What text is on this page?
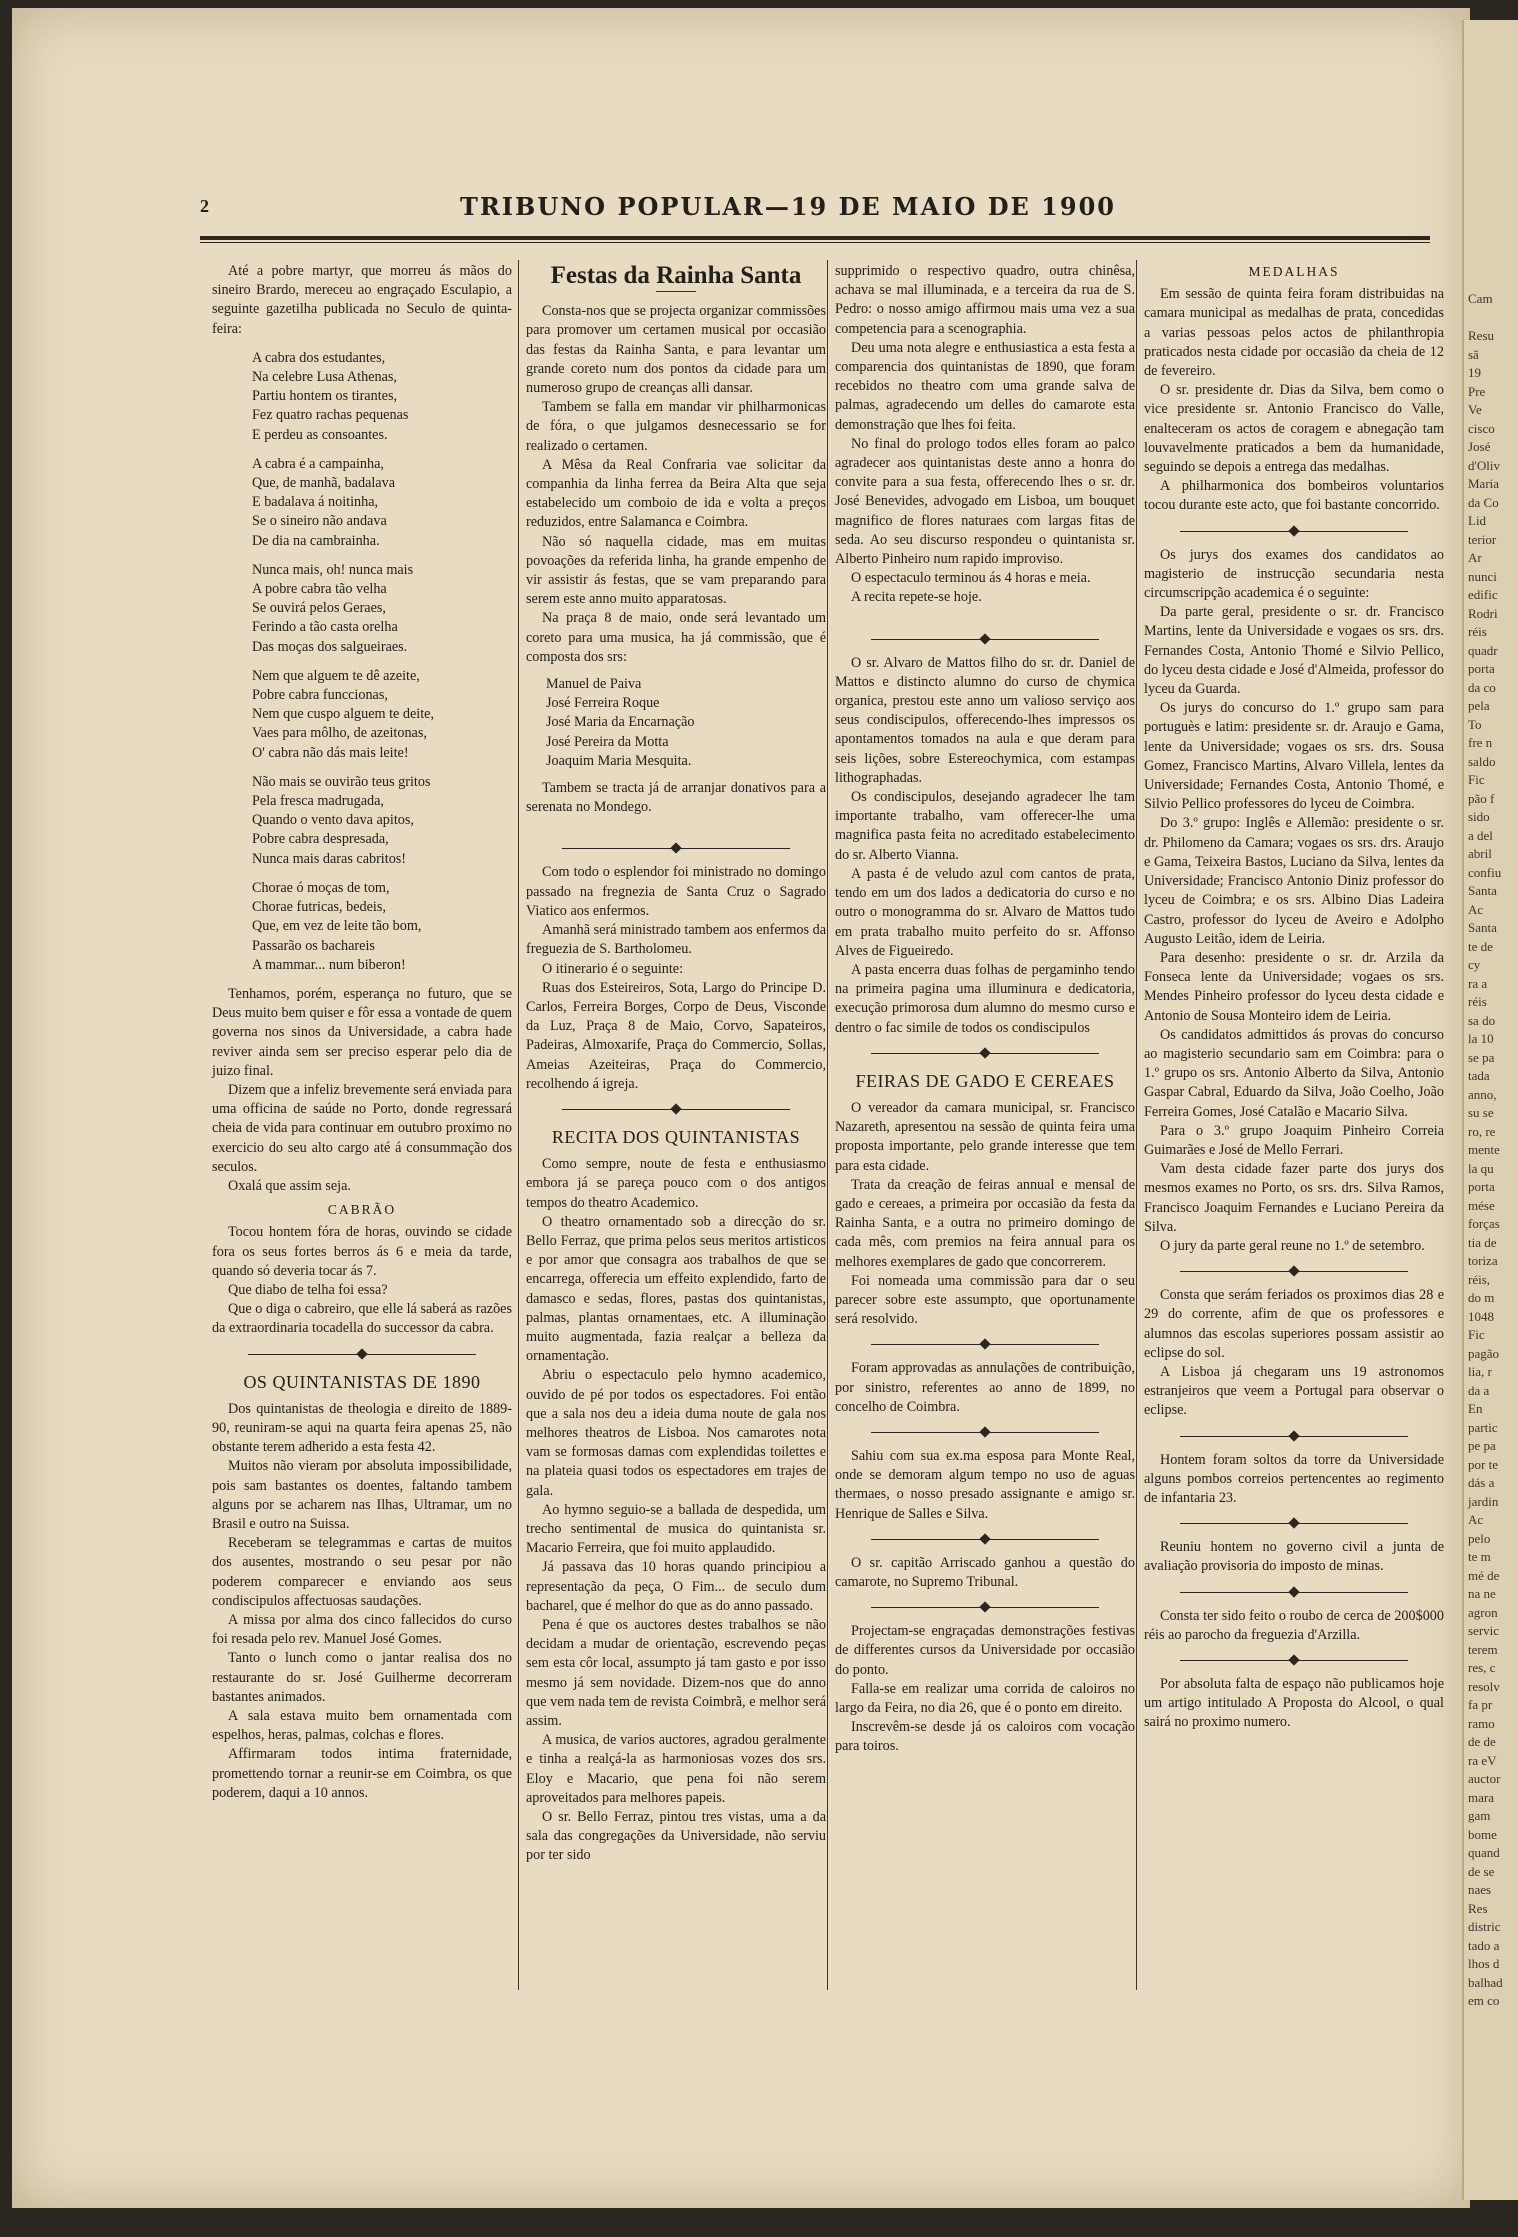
2	TRIBUNO POPULAR—19 DE MAIO DE 1900

Até a pobre martyr, que morreu ás mãos do sineiro Brardo, mereceu ao engraçado Esculapio, a seguinte gazetilha publicada no Seculo de quinta-feira:

A cabra dos estudantes,
Na celebre Lusa Athenas,
Partiu hontem os tirantes,
Fez quatro rachas pequenas
E perdeu as consoantes.
A cabra é a campainha,
Que, de manhã, badalava
E badalava á noitinha,
Se o sineiro não andava
De dia na cambrainha.
Nunca mais, oh! nunca mais
A pobre cabra tão velha
Se ouvirá pelos Geraes,
Ferindo a tão casta orelha
Das moças dos salgueiraes.
Nem que alguem te dê azeite,
Pobre cabra funccionas,
Nem que cuspo alguem te deite,
Vaes para môlho, de azeitonas,
O' cabra não dás mais leite!
Não mais se ouvirão teus gritos
Pela fresca madrugada,
Quando o vento dava apitos,
Pobre cabra despresada,
Nunca mais daras cabritos!
Chorae ó moças de tom,
Chorae futricas, bedeis,
Que, em vez de leite tão bom,
Passarão os bachareis
A mammar... num biberon!

Tenhamos, porém, esperança no futuro, que se Deus muito bem quiser e fôr essa a vontade de quem governa nos sinos da Universidade, a cabra hade reviver ainda sem ser preciso esperar pelo dia de juizo final.

Dizem que a infeliz brevemente será enviada para uma officina de saúde no Porto, donde regressará cheia de vida para continuar em outubro proximo no exercicio do seu alto cargo até á consummação dos seculos.

Oxalá que assim seja.

CABRÃO

Tocou hontem fóra de horas, ouvindo se cidade fora os seus fortes berros ás 6 e meia da tarde, quando só deveria tocar ás 7.

Que diabo de telha foi essa?

Que o diga o cabreiro, que elle lá saberá as razões da extraordinaria tocadella do successor da cabra.

OS QUINTANISTAS DE 1890

Dos quintanistas de theologia e direito de 1889-90, reuniram-se aqui na quarta feira apenas 25, não obstante terem adherido a esta festa 42.

Muitos não vieram por absoluta impossibilidade, pois sam bastantes os doentes, faltando tambem alguns por se acharem nas Ilhas, Ultramar, um no Brasil e outro na Suissa.

Receberam se telegrammas e cartas de muitos dos ausentes, mostrando o seu pesar por não poderem comparecer e enviando aos seus condiscipulos affectuosas saudações.

A missa por alma dos cinco fallecidos do curso foi resada pelo rev. Manuel José Gomes.

Tanto o lunch como o jantar realisa dos no restaurante do sr. José Guilherme decorreram bastantes animados.

A sala estava muito bem ornamentada com espelhos, heras, palmas, colchas e flores.

Affirmaram todos intima fraternidade, promettendo tornar a reunir-se em Coimbra, os que poderem, daqui a 10 annos.

Festas da Rainha Santa

Consta-nos que se projecta organizar commissões para promover um certamen musical por occasião das festas da Rainha Santa, e para levantar um grande coreto num dos pontos da cidade para um numeroso grupo de creanças alli dansar.

Tambem se falla em mandar vir philharmonicas de fóra, o que julgamos desnecessario se for realizado o certamen.

A Mêsa da Real Confraria vae solicitar da companhia da linha ferrea da Beira Alta que seja estabelecido um comboio de ida e volta a preços reduzidos, entre Salamanca e Coimbra.

Não só naquella cidade, mas em muitas povoações da referida linha, ha grande empenho de vir assistir ás festas, que se vam preparando para serem este anno muito apparatosas.

Na praça 8 de maio, onde será levantado um coreto para uma musica, ha já commissão, que é composta dos srs:

Manuel de Paiva
José Ferreira Roque
José Maria da Encarnação
José Pereira da Motta
Joaquim Maria Mesquita.

Tambem se tracta já de arranjar donativos para a serenata no Mondego.

Com todo o esplendor foi ministrado no domingo passado na fregnezia de Santa Cruz o Sagrado Viatico aos enfermos.

Amanhã será ministrado tambem aos enfermos da freguezia de S. Bartholomeu.

O itinerario é o seguinte:

Ruas dos Esteireiros, Sota, Largo do Principe D. Carlos, Ferreira Borges, Corpo de Deus, Visconde da Luz, Praça 8 de Maio, Corvo, Sapateiros, Padeiras, Almoxarife, Praça do Commercio, Sollas, Ameias Azeiteiras, Praça do Commercio, recolhendo á igreja.

RECITA DOS QUINTANISTAS

Como sempre, noute de festa e enthusiasmo embora já se pareça pouco com o dos antigos tempos do theatro Academico.

O theatro ornamentado sob a direcção do sr. Bello Ferraz, que prima pelos seus meritos artisticos e por amor que consagra aos trabalhos de que se encarrega, offerecia um effeito explendido, farto de damasco e sedas, flores, pastas dos quintanistas, palmas, plantas ornamentaes, etc. A illuminação muito augmentada, fazia realçar a belleza da ornamentação.

Abriu o espectaculo pelo hymno academico, ouvido de pé por todos os espectadores. Foi então que a sala nos deu a ideia duma noute de gala nos melhores theatros de Lisboa. Nos camarotes nota vam se formosas damas com explendidas toilettes e na plateia quasi todos os espectadores em trajes de gala.

Ao hymno seguio-se a ballada de despedida, um trecho sentimental de musica do quintanista sr. Macario Ferreira, que foi muito applaudido.

Já passava das 10 horas quando principiou a representação da peça, O Fim... de seculo dum bacharel, que é melhor do que as do anno passado.

Pena é que os auctores destes trabalhos se não decidam a mudar de orientação, escrevendo peças sem esta côr local, assumpto já tam gasto e por isso mesmo já sem novidade. Dizem-nos que do anno que vem nada tem de revista Coimbrã, e melhor será assim.

A musica, de varios auctores, agradou geralmente e tinha a realçá-la as harmoniosas vozes dos srs. Eloy e Macario, que pena foi não serem aproveitados para melhores papeis.

O sr. Bello Ferraz, pintou tres vistas, uma a da sala das congregações da Universidade, não serviu por ter sido

supprimido o respectivo quadro, outra chinêsa, achava se mal illuminada, e a terceira da rua de S. Pedro: o nosso amigo affirmou mais uma vez a sua competencia para a scenographia.

Deu uma nota alegre e enthusiastica a esta festa a comparencia dos quintanistas de 1890, que foram recebidos no theatro com uma grande salva de palmas, agradecendo um delles do camarote esta demonstração que lhes foi feita.

No final do prologo todos elles foram ao palco agradecer aos quintanistas deste anno a honra do convite para a sua festa, offerecendo lhes o sr. dr. José Benevides, advogado em Lisboa, um bouquet magnifico de flores naturaes com largas fitas de seda. Ao seu discurso respondeu o quintanista sr. Alberto Pinheiro num rapido improviso.

O espectaculo terminou ás 4 horas e meia.

A recita repete-se hoje.

O sr. Alvaro de Mattos filho do sr. dr. Daniel de Mattos e distincto alumno do curso de chymica organica, prestou este anno um valioso serviço aos seus condiscipulos, offerecendo-lhes impressos os apontamentos tomados na aula e que deram para seis lições, sobre Estereochymica, com estampas lithographadas.

Os condiscipulos, desejando agradecer lhe tam importante trabalho, vam offerecer-lhe uma magnifica pasta feita no acreditado estabelecimento do sr. Alberto Vianna.

A pasta é de veludo azul com cantos de prata, tendo em um dos lados a dedicatoria do curso e no outro o monogramma do sr. Alvaro de Mattos tudo em prata trabalho muito perfeito do sr. Affonso Alves de Figueiredo.

A pasta encerra duas folhas de pergaminho tendo na primeira pagina uma illuminura e dedicatoria, execução primorosa dum alumno do mesmo curso e dentro o fac simile de todos os condiscipulos

FEIRAS DE GADO E CEREAES

O vereador da camara municipal, sr. Francisco Nazareth, apresentou na sessão de quinta feira uma proposta importante, pelo grande interesse que tem para esta cidade.

Trata da creação de feiras annual e mensal de gado e cereaes, a primeira por occasião da festa da Rainha Santa, e a outra no primeiro domingo de cada mês, com premios na feira annual para os melhores exemplares de gado que concorrerem.

Foi nomeada uma commissão para dar o seu parecer sobre este assumpto, que oportunamente será resolvido.

Foram approvadas as annulações de contribuição, por sinistro, referentes ao anno de 1899, no concelho de Coimbra.

Sahiu com sua ex.ma esposa para Monte Real, onde se demoram algum tempo no uso de aguas thermaes, o nosso presado assignante e amigo sr. Henrique de Salles e Silva.

O sr. capitão Arriscado ganhou a questão do camarote, no Supremo Tribunal.

Projectam-se engraçadas demonstrações festivas de differentes cursos da Universidade por occasião do ponto.

Falla-se em realizar uma corrida de caloiros no largo da Feira, no dia 26, que é o ponto em direito.

Inscrevêm-se desde já os caloiros com vocação para toiros.

MEDALHAS

Em sessão de quinta feira foram distribuidas na camara municipal as medalhas de prata, concedidas a varias pessoas pelos actos de philanthropia praticados nesta cidade por occasião da cheia de 12 de fevereiro.

O sr. presidente dr. Dias da Silva, bem como o vice presidente sr. Antonio Francisco do Valle, enalteceram os actos de coragem e abnegação tam louvavelmente praticados a bem da humanidade, seguindo se depois a entrega das medalhas.

A philharmonica dos bombeiros voluntarios tocou durante este acto, que foi bastante concorrido.

Os jurys dos exames dos candidatos ao magisterio de instrucção secundaria nesta circumscripção academica é o seguinte:

Da parte geral, presidente o sr. dr. Francisco Martins, lente da Universidade e vogaes os srs. drs. Fernandes Costa, Antonio Thomé e Silvio Pellico, do lyceu desta cidade e José d'Almeida, professor do lyceu da Guarda.

Os jurys do concurso do 1.º grupo sam para portuguès e latim: presidente sr. dr. Araujo e Gama, lente da Universidade; vogaes os srs. drs. Sousa Gomez, Francisco Martins, Alvaro Villela, lentes da Universidade; Fernandes Costa, Antonio Thomé, e Silvio Pellico professores do lyceu de Coimbra.

Do 3.º grupo: Inglês e Allemão: presidente o sr. dr. Philomeno da Camara; vogaes os srs. drs. Araujo e Gama, Teixeira Bastos, Luciano da Silva, lentes da Universidade; Francisco Antonio Diniz professor do lyceu de Coimbra; e os srs. Albino Dias Ladeira Castro, professor do lyceu de Aveiro e Adolpho Augusto Leitão, idem de Leiria.

Para desenho: presidente o sr. dr. Arzila da Fonseca lente da Universidade; vogaes os srs. Mendes Pinheiro professor do lyceu desta cidade e Antonio de Sousa Monteiro idem de Leiria.

Os candidatos admittidos ás provas do concurso ao magisterio secundario sam em Coimbra: para o 1.º grupo os srs. Antonio Alberto da Silva, Antonio Gaspar Cabral, Eduardo da Silva, João Coelho, João Ferreira Gomes, José Catalão e Macario Silva.

Para o 3.º grupo Joaquim Pinheiro Correia Guimarães e José de Mello Ferrari.

Vam desta cidade fazer parte dos jurys dos mesmos exames no Porto, os srs. drs. Silva Ramos, Francisco Joaquim Fernandes e Luciano Pereira da Silva.

O jury da parte geral reune no 1.º de setembro.

Consta que serám feriados os proximos dias 28 e 29 do corrente, afim de que os professores e alumnos das escolas superiores possam assistir ao eclipse do sol.

A Lisboa já chegaram uns 19 astronomos estranjeiros que veem a Portugal para observar o eclipse.

Hontem foram soltos da torre da Universidade alguns pombos correios pertencentes ao regimento de infantaria 23.

Reuniu hontem no governo civil a junta de avaliação provisoria do imposto de minas.

Consta ter sido feito o roubo de cerca de 200$000 réis ao parocho da freguezia d'Arzilla.

Por absoluta falta de espaço não publicamos hoje um artigo intitulado A Proposta do Alcool, o qual sairá no proximo numero.

Cam

Resu
sã
19
Pre
Ve
cisco
José
d'Oliv
Maria
da Co
Lid
terior
Ar
nunci
edific
Rodri
réis
quadr
porta
da co
pela
To
fre n
saldo
Fic
pão f
sido
a del
abril
confiu
Santa
Ac
Santa
te de
cy
ra a
réis
sa do
la 10
se pa
tada
anno,
su se
ro, re
mente
la qu
porta
mése
forças
tia de
toriza
réis,
do m
1048
Fic
pagão
lia, r
da a
En
partic
pe pa
por te
dás a
jardin
Ac
pelo
te m
mé de
na ne
agron
servic
terem
res, c
resolv
fa pr
ramo
de de
ra eV
auctor
mara
gam
bome
quand
de se
naes
Res
distric
tado a
lhos d
balhad
em co
